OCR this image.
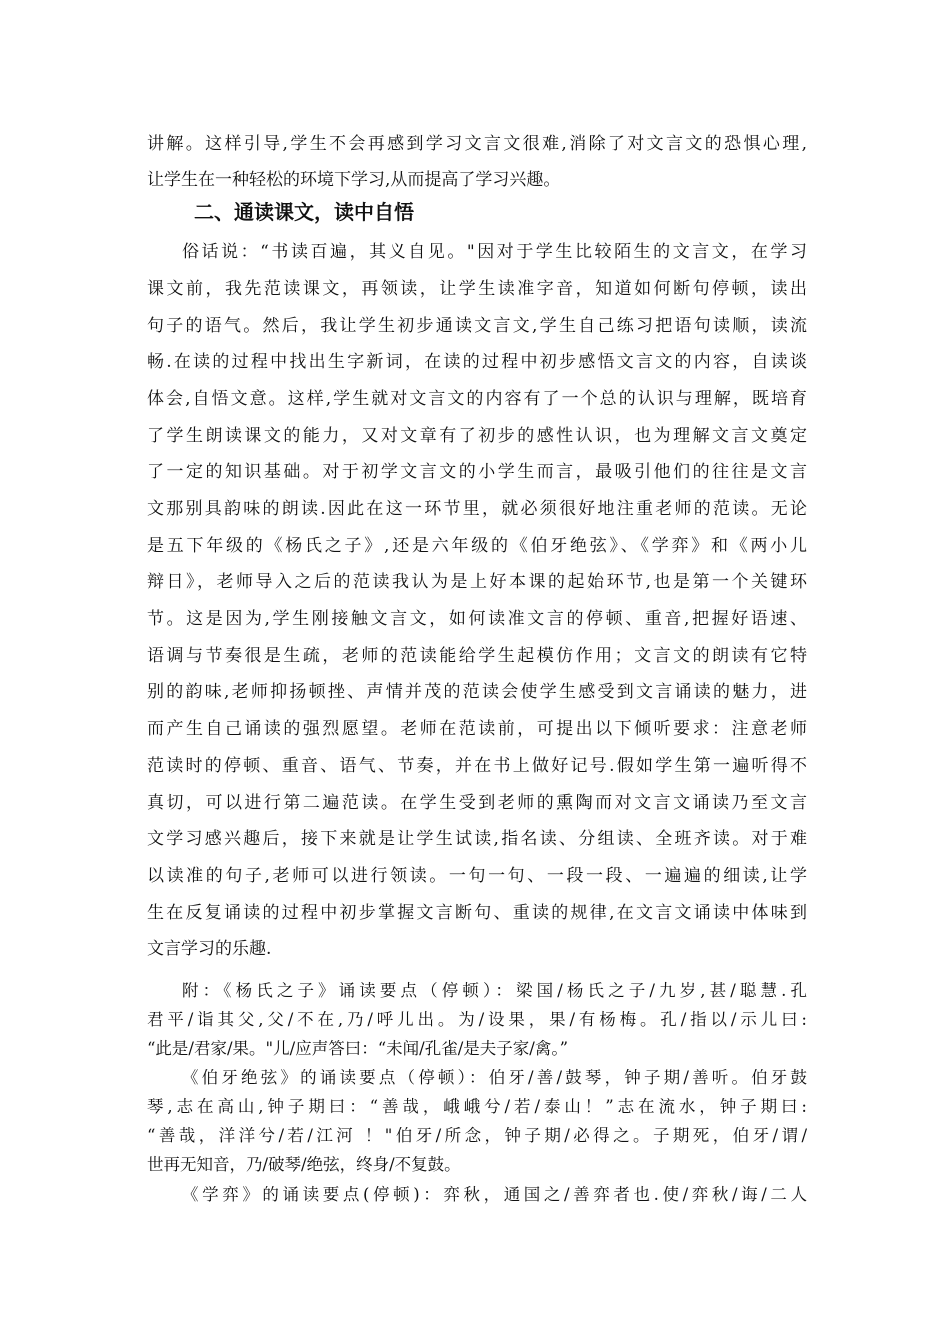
讲解。这样引导,学生不会再感到学习文言文很难,消除了对文言文的恐惧心理,
让学生在一种轻松的环境下学习,从而提高了学习兴趣。
二、通读课文，读中自悟
俗话说：“书读百遍，其义自见。"因对于学生比较陌生的文言文，在学习
课文前，我先范读课文，再领读，让学生读准字音，知道如何断句停顿，读出
句子的语气。然后，我让学生初步通读文言文,学生自己练习把语句读顺，读流
畅.在读的过程中找出生字新词，在读的过程中初步感悟文言文的内容，自读谈
体会,自悟文意。这样,学生就对文言文的内容有了一个总的认识与理解，既培育
了学生朗读课文的能力，又对文章有了初步的感性认识，也为理解文言文奠定
了一定的知识基础。对于初学文言文的小学生而言，最吸引他们的往往是文言
文那别具韵味的朗读.因此在这一环节里，就必须很好地注重老师的范读。无论
是五下年级的《杨氏之子》,还是六年级的《伯牙绝弦》、《学弈》和《两小儿
辩日》，老师导入之后的范读我认为是上好本课的起始环节,也是第一个关键环
节。这是因为,学生刚接触文言文，如何读准文言的停顿、重音,把握好语速、
语调与节奏很是生疏，老师的范读能给学生起模仿作用；文言文的朗读有它特
别的韵味,老师抑扬顿挫、声情并茂的范读会使学生感受到文言诵读的魅力，进
而产生自己诵读的强烈愿望。老师在范读前，可提出以下倾听要求：注意老师
范读时的停顿、重音、语气、节奏，并在书上做好记号.假如学生第一遍听得不
真切，可以进行第二遍范读。在学生受到老师的熏陶而对文言文诵读乃至文言
文学习感兴趣后，接下来就是让学生试读,指名读、分组读、全班齐读。对于难
以读准的句子,老师可以进行领读。一句一句、一段一段、一遍遍的细读,让学
生在反复诵读的过程中初步掌握文言断句、重读的规律,在文言文诵读中体味到
文言学习的乐趣.
附：《杨氏之子》诵读要点（停顿）：梁国/杨氏之子/九岁,甚/聪慧.孔
君平/诣其父,父/不在,乃/呼儿出。为/设果，果/有杨梅。孔/指以/示儿曰:
“此是/君家/果。"儿/应声答曰：“未闻/孔雀/是夫子家/禽。”
《伯牙绝弦》的诵读要点（停顿）：伯牙/善/鼓琴，钟子期/善听。伯牙鼓
琴,志在高山,钟子期曰：“善哉，峨峨兮/若/泰山！”志在流水，钟子期曰:
“善哉，洋洋兮/若/江河 ！"伯牙/所念，钟子期/必得之。子期死，伯牙/谓/
世再无知音，乃/破琴/绝弦，终身/不复鼓。
《学弈》的诵读要点(停顿)：弈秋，通国之/善弈者也.使/弈秋/诲/二人
